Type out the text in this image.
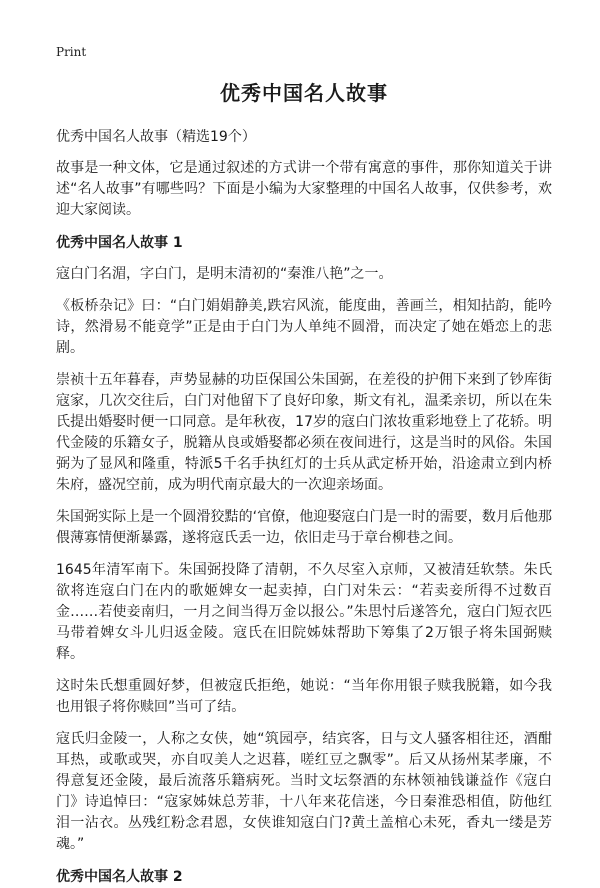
Print
优秀中国名人故事
优秀中国名人故事（精选19个）

故事是一种文体，它是通过叙述的方式讲一个带有寓意的事件，那你知道关于讲述“名人故事”有哪些吗？下面是小编为大家整理的中国名人故事，仅供参考，欢迎大家阅读。

优秀中国名人故事 1

寇白门名湄，字白门，是明末清初的“秦淮八艳”之一。

《板桥杂记》曰：“白门娟娟静美,跌宕风流，能度曲，善画兰，相知拈韵，能吟诗，然滑易不能竟学”正是由于白门为人单纯不圆滑，而决定了她在婚恋上的悲剧。

崇祯十五年暮春，声势显赫的功臣保国公朱国弼，在差役的护佣下来到了钞库街寇家，几次交往后，白门对他留下了良好印象，斯文有礼，温柔亲切，所以在朱氏提出婚娶时便一口同意。是年秋夜，17岁的寇白门浓妆重彩地登上了花轿。明代金陵的乐籍女子，脱籍从良或婚娶都必须在夜间进行，这是当时的风俗。朱国弼为了显风和隆重，特派5千名手执红灯的士兵从武定桥开始，沿途肃立到内桥朱府，盛况空前，成为明代南京最大的一次迎亲场面。

朱国弼实际上是一个圆滑狡黠的‘官僚，他迎娶寇白门是一时的需要，数月后他那偎薄寡情便渐暴露，遂将寇氏丢一边，依旧走马于章台柳巷之间。

1645年清军南下。朱国弼投降了清朝，不久尽室入京师，又被清廷软禁。朱氏欲将连寇白门在内的歌姬婢女一起卖掉，白门对朱云：“若卖妾所得不过数百金……若使妾南归，一月之间当得万金以报公。”朱思忖后遂答允，寇白门短衣匹马带着婢女斗儿归返金陵。寇氏在旧院姊妹帮助下筹集了2万银子将朱国弼赎释。

这时朱氏想重圆好梦，但被寇氏拒绝，她说：“当年你用银子赎我脱籍，如今我也用银子将你赎回”当可了结。

寇氏归金陵一，人称之女侠，她“筑园亭，结宾客，日与文人骚客相往还，酒酣耳热，或歌或哭，亦自叹美人之迟暮，嗟红豆之飘零”。后又从扬州某孝廉，不得意复还金陵，最后流落乐籍病死。当时文坛祭酒的东林领袖钱谦益作《寇白门》诗追悼曰：“寇家姊妹总芳菲，十八年来花信迷，今日秦淮恐相值，防他红泪一沾衣。丛残红粉念君恩，女侠谁知寇白门?黄土盖棺心未死，香丸一缕是芳魂。”

优秀中国名人故事 2
